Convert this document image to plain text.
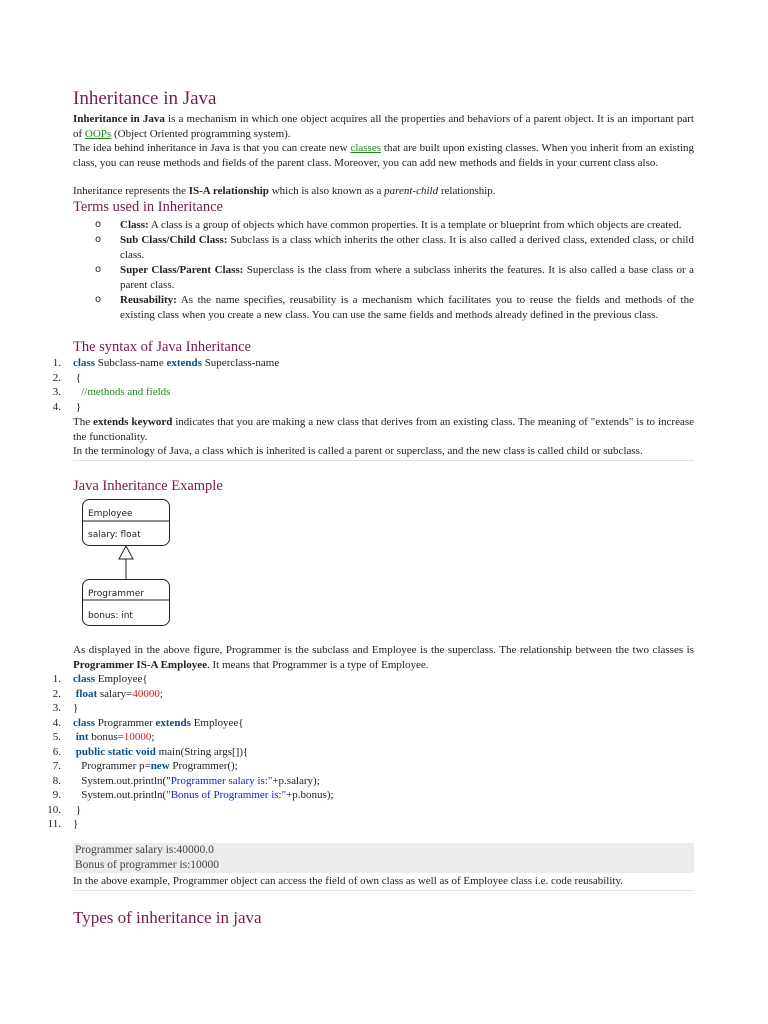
Inheritance in Java
Inheritance in Java is a mechanism in which one object acquires all the properties and behaviors of a parent object. It is an important part of OOPs (Object Oriented programming system).
The idea behind inheritance in Java is that you can create new classes that are built upon existing classes. When you inherit from an existing class, you can reuse methods and fields of the parent class. Moreover, you can add new methods and fields in your current class also.
Inheritance represents the IS-A relationship which is also known as a parent-child relationship.
Terms used in Inheritance
o Class: A class is a group of objects which have common properties. It is a template or blueprint from which objects are created.
o Sub Class/Child Class: Subclass is a class which inherits the other class. It is also called a derived class, extended class, or child class.
o Super Class/Parent Class: Superclass is the class from where a subclass inherits the features. It is also called a base class or a parent class.
o Reusability: As the name specifies, reusability is a mechanism which facilitates you to reuse the fields and methods of the existing class when you create a new class. You can use the same fields and methods already defined in the previous class.
The syntax of Java Inheritance
1. class Subclass-name extends Superclass-name
2. {
3. //methods and fields
4. }
The extends keyword indicates that you are making a new class that derives from an existing class. The meaning of "extends" is to increase the functionality.
In the terminology of Java, a class which is inherited is called a parent or superclass, and the new class is called child or subclass.
Java Inheritance Example
Employee
salary: float
Programmer
bonus: int
As displayed in the above figure, Programmer is the subclass and Employee is the superclass. The relationship between the two classes is Programmer IS-A Employee. It means that Programmer is a type of Employee.
1. class Employee{
2. float salary=40000;
3. }
4. class Programmer extends Employee{
5. int bonus=10000;
6. public static void main(String args[]){
7. Programmer p=new Programmer();
8. System.out.println("Programmer salary is:"+p.salary);
9. System.out.println("Bonus of Programmer is:"+p.bonus);
10. }
11. }
Programmer salary is:40000.0
Bonus of programmer is:10000
In the above example, Programmer object can access the field of own class as well as of Employee class i.e. code reusability.
Types of inheritance in java
